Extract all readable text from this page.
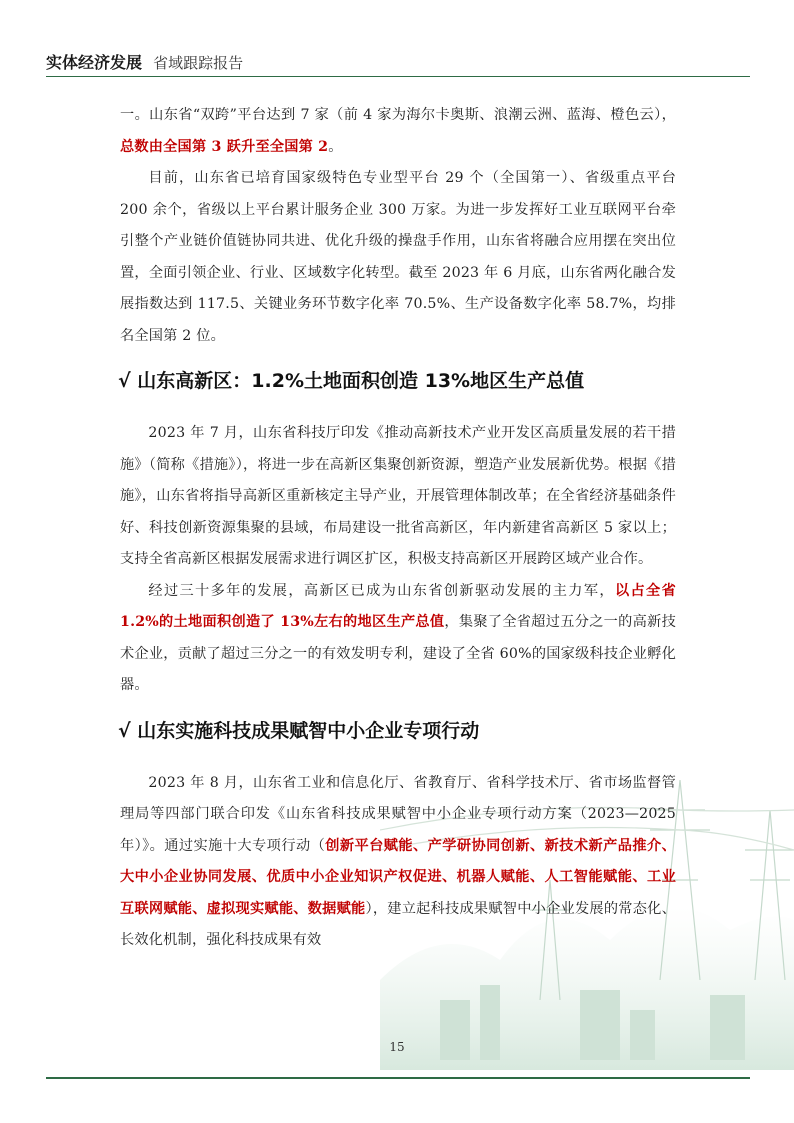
实体经济发展 省域跟踪报告

一。山东省“双跨”平台达到 7 家（前 4 家为海尔卡奥斯、浪潮云洲、蓝海、橙色云），总数由全国第 3 跃升至全国第 2。

目前，山东省已培育国家级特色专业型平台 29 个（全国第一）、省级重点平台 200 余个，省级以上平台累计服务企业 300 万家。为进一步发挥好工业互联网平台牵引整个产业链价值链协同共进、优化升级的操盘手作用，山东省将融合应用摆在突出位置，全面引领企业、行业、区域数字化转型。截至 2023 年 6 月底，山东省两化融合发展指数达到 117.5、关键业务环节数字化率 70.5%、生产设备数字化率 58.7%，均排名全国第 2 位。

√ 山东高新区：1.2%土地面积创造 13%地区生产总值

2023 年 7 月，山东省科技厅印发《推动高新技术产业开发区高质量发展的若干措施》（简称《措施》），将进一步在高新区集聚创新资源，塑造产业发展新优势。根据《措施》，山东省将指导高新区重新核定主导产业，开展管理体制改革；在全省经济基础条件好、科技创新资源集聚的县域，布局建设一批省高新区，年内新建省高新区 5 家以上；支持全省高新区根据发展需求进行调区扩区，积极支持高新区开展跨区域产业合作。

经过三十多年的发展，高新区已成为山东省创新驱动发展的主力军，以占全省 1.2%的土地面积创造了 13%左右的地区生产总值，集聚了全省超过五分之一的高新技术企业，贡献了超过三分之一的有效发明专利，建设了全省 60%的国家级科技企业孵化器。

√ 山东实施科技成果赋智中小企业专项行动

2023 年 8 月，山东省工业和信息化厅、省教育厅、省科学技术厅、省市场监督管理局等四部门联合印发《山东省科技成果赋智中小企业专项行动方案（2023—2025 年）》。通过实施十大专项行动（创新平台赋能、产学研协同创新、新技术新产品推介、大中小企业协同发展、优质中小企业知识产权促进、机器人赋能、人工智能赋能、工业互联网赋能、虚拟现实赋能、数据赋能），建立起科技成果赋智中小企业发展的常态化、长效化机制，强化科技成果有效

15
